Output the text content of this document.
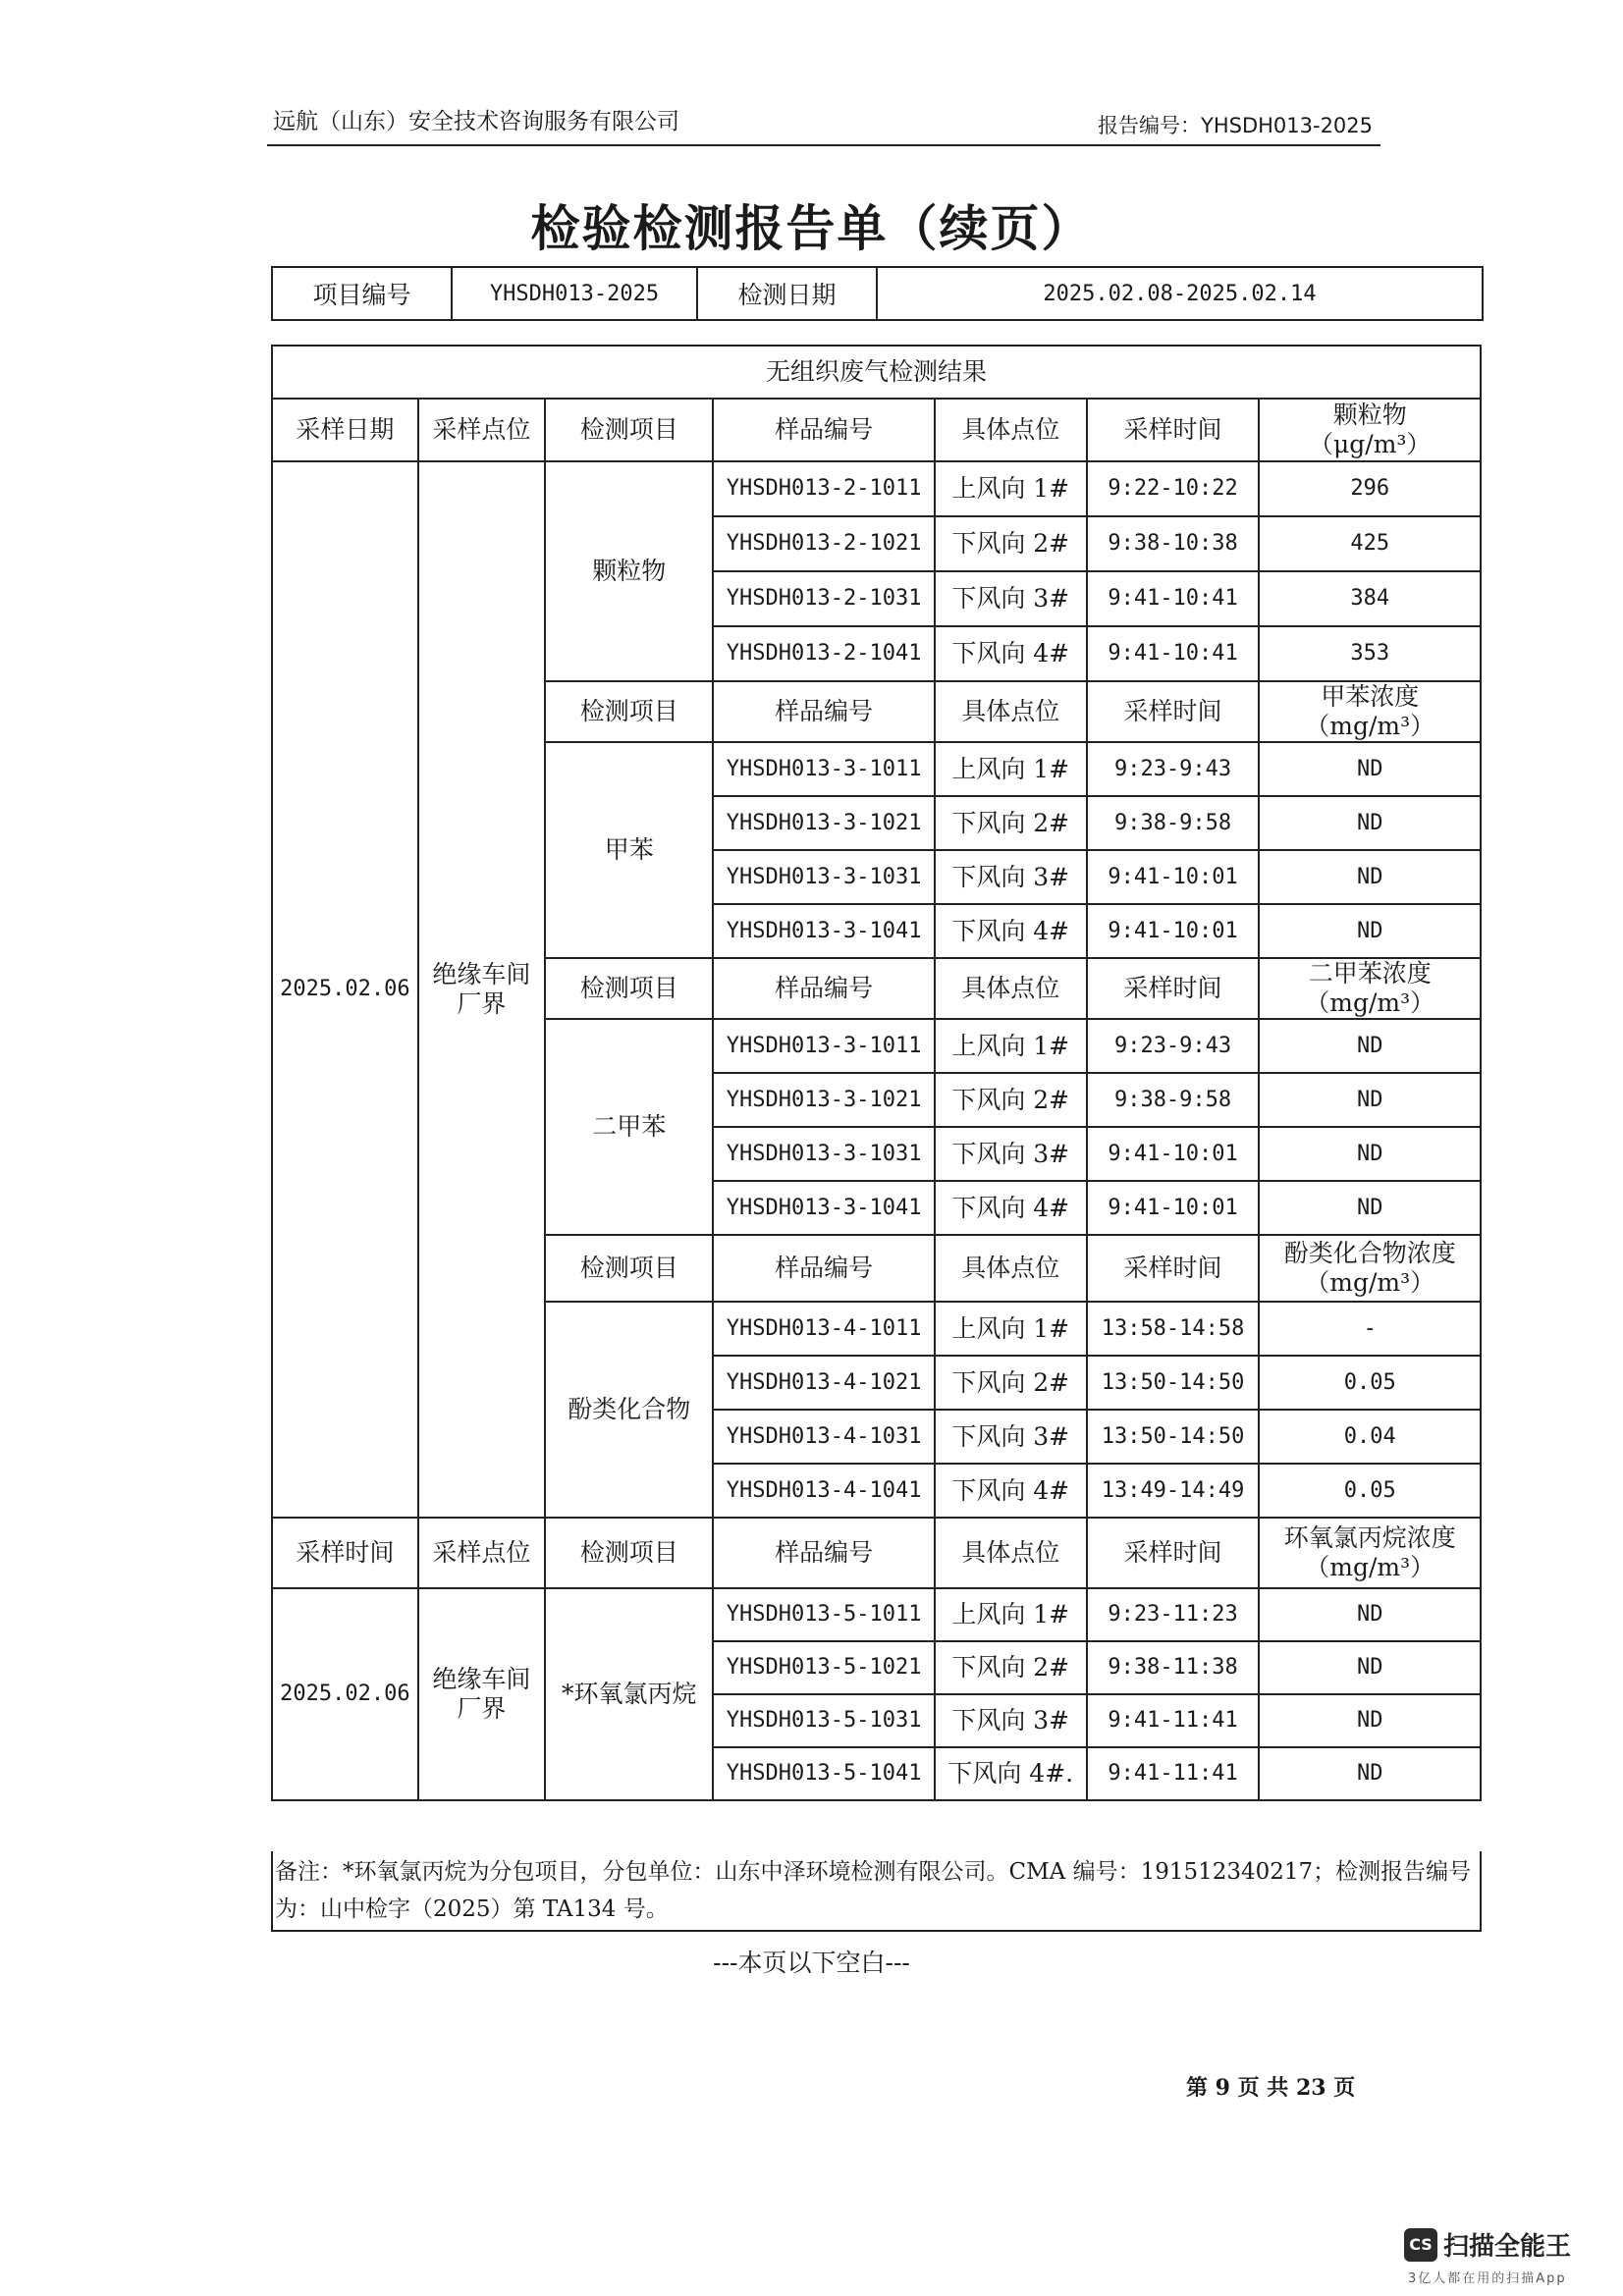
远航（山东）安全技术咨询服务有限公司	报告编号：YHSDH013-2025
检验检测报告单（续页）
项目编号	YHSDH013-2025	检测日期	2025.02.08-2025.02.14
无组织废气检测结果						
采样日期	采样点位	检测项目	样品编号	具体点位	采样时间	颗粒物
（μg/m³）
2025.02.06	绝缘车间厂界	颗粒物	YHSDH013-2-1011	上风向 1#	9:22-10:22	296
			YHSDH013-2-1021	下风向 2#	9:38-10:38	425
			YHSDH013-2-1031	下风向 3#	9:41-10:41	384
			YHSDH013-2-1041	下风向 4#	9:41-10:41	353
		检测项目	样品编号	具体点位	采样时间	甲苯浓度
（mg/m³）
		甲苯	YHSDH013-3-1011	上风向 1#	9:23-9:43	ND
			YHSDH013-3-1021	下风向 2#	9:38-9:58	ND
			YHSDH013-3-1031	下风向 3#	9:41-10:01	ND
			YHSDH013-3-1041	下风向 4#	9:41-10:01	ND
		检测项目	样品编号	具体点位	采样时间	二甲苯浓度
（mg/m³）
		二甲苯	YHSDH013-3-1011	上风向 1#	9:23-9:43	ND
			YHSDH013-3-1021	下风向 2#	9:38-9:58	ND
			YHSDH013-3-1031	下风向 3#	9:41-10:01	ND
			YHSDH013-3-1041	下风向 4#	9:41-10:01	ND
		检测项目	样品编号	具体点位	采样时间	酚类化合物浓度
（mg/m³）
		酚类化合物	YHSDH013-4-1011	上风向 1#	13:58-14:58	-
			YHSDH013-4-1021	下风向 2#	13:50-14:50	0.05
			YHSDH013-4-1031	下风向 3#	13:50-14:50	0.04
			YHSDH013-4-1041	下风向 4#	13:49-14:49	0.05
采样时间	采样点位	检测项目	样品编号	具体点位	采样时间	环氧氯丙烷浓度
（mg/m³）
2025.02.06	绝缘车间厂界	*环氧氯丙烷	YHSDH013-5-1011	上风向 1#	9:23-11:23	ND
			YHSDH013-5-1021	下风向 2#	9:38-11:38	ND
			YHSDH013-5-1031	下风向 3#	9:41-11:41	ND
			YHSDH013-5-1041	下风向 4#.	9:41-11:41	ND
备注：*环氧氯丙烷为分包项目，分包单位：山东中泽环境检测有限公司。CMA 编号：191512340217；检测报告编号为：山中检字（2025）第 TA134 号。
---本页以下空白---
第 9 页 共 23 页
CS 扫描全能王
3亿人都在用的扫描App
